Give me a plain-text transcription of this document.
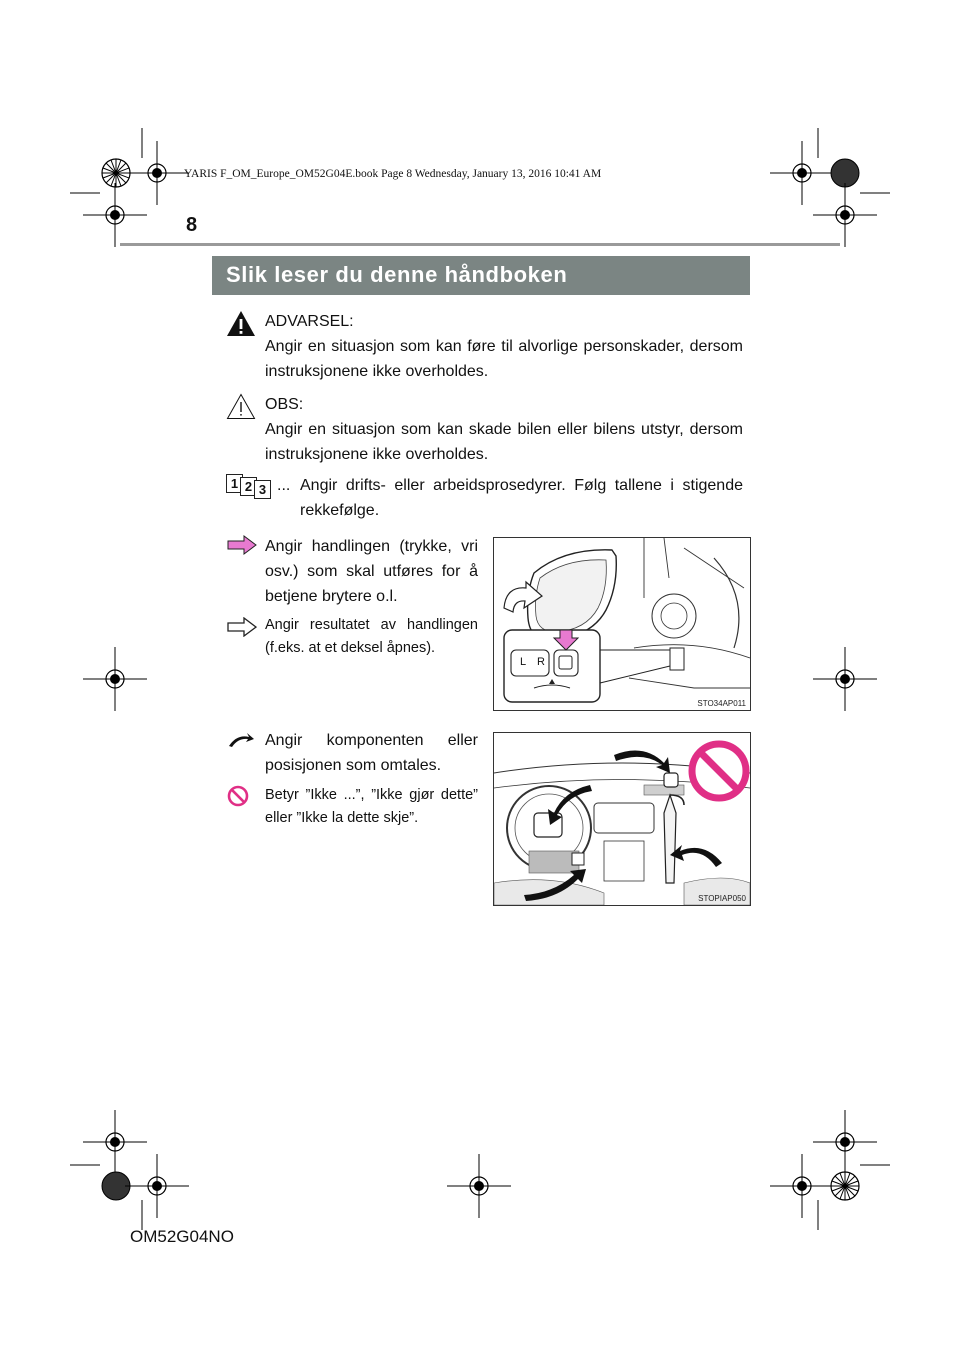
YARIS F_OM_Europe_OM52G04E.book Page 8 Wednesday, January 13, 2016 10:41 AM
8
Slik leser du denne håndboken
ADVARSEL:
Angir en situasjon som kan føre til alvorlige personskader, dersom instruksjonene ikke overholdes.
OBS:
Angir en situasjon som kan skade bilen eller bilens utstyr, dersom instruksjonene ikke overholdes.
1 2 3 ... Angir drifts- eller arbeidsprosedyrer. Følg tallene i stigende rekkefølge.
Angir handlingen (trykke, vri osv.) som skal utføres for å betjene brytere o.l.
Angir resultatet av handlingen (f.eks. at et deksel åpnes).
L R
STO34AP011
Angir komponenten eller posisjonen som omtales.
Betyr ”Ikke ...”, ”Ikke gjør dette” eller ”Ikke la dette skje”.
STOPIAP050
OM52G04NO
